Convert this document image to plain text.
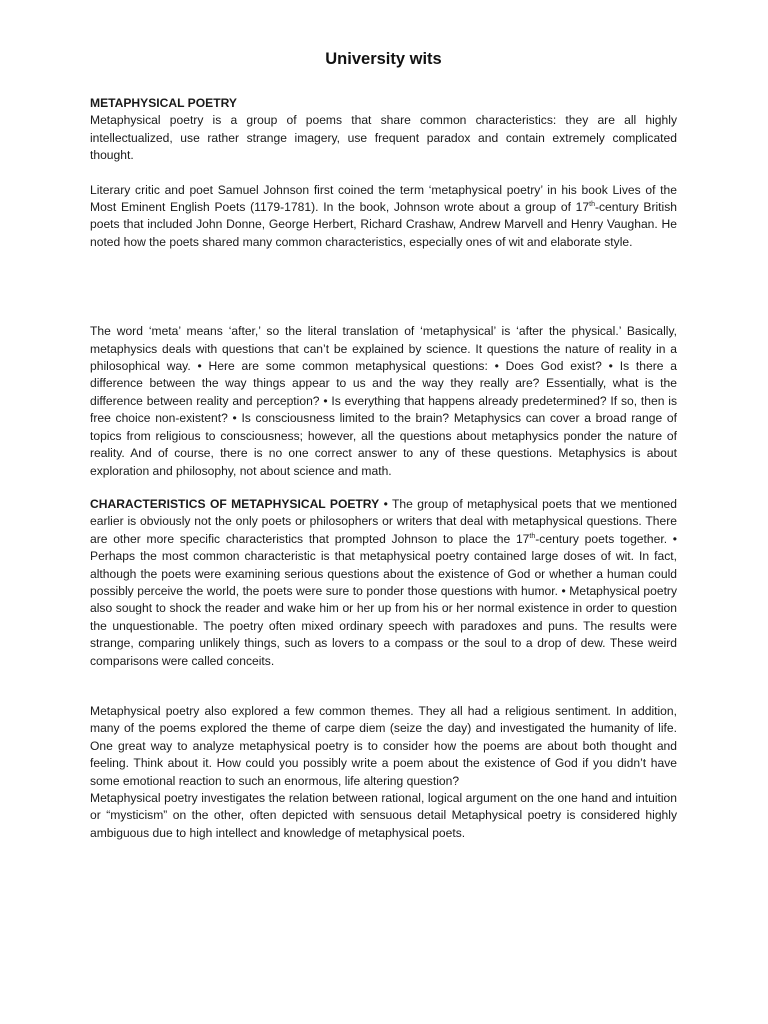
University wits
METAPHYSICAL POETRY

Metaphysical poetry is a group of poems that share common characteristics: they are all highly intellectualized, use rather strange imagery, use frequent paradox and contain extremely complicated thought.

Literary critic and poet Samuel Johnson first coined the term ‘metaphysical poetry’ in his book Lives of the Most Eminent English Poets (1179-1781). In the book, Johnson wrote about a group of 17th-century British poets that included John Donne, George Herbert, Richard Crashaw, Andrew Marvell and Henry Vaughan. He noted how the poets shared many common characteristics, especially ones of wit and elaborate style.

The word ‘meta’ means ‘after,’ so the literal translation of ‘metaphysical’ is ‘after the physical.’ Basically, metaphysics deals with questions that can’t be explained by science. It questions the nature of reality in a philosophical way. • Here are some common metaphysical questions: • Does God exist? • Is there a difference between the way things appear to us and the way they really are? Essentially, what is the difference between reality and perception? • Is everything that happens already predetermined? If so, then is free choice non-existent? • Is consciousness limited to the brain? Metaphysics can cover a broad range of topics from religious to consciousness; however, all the questions about metaphysics ponder the nature of reality. And of course, there is no one correct answer to any of these questions. Metaphysics is about exploration and philosophy, not about science and math.

CHARACTERISTICS OF METAPHYSICAL POETRY • The group of metaphysical poets that we mentioned earlier is obviously not the only poets or philosophers or writers that deal with metaphysical questions. There are other more specific characteristics that prompted Johnson to place the 17th-century poets together. • Perhaps the most common characteristic is that metaphysical poetry contained large doses of wit. In fact, although the poets were examining serious questions about the existence of God or whether a human could possibly perceive the world, the poets were sure to ponder those questions with humor. • Metaphysical poetry also sought to shock the reader and wake him or her up from his or her normal existence in order to question the unquestionable. The poetry often mixed ordinary speech with paradoxes and puns. The results were strange, comparing unlikely things, such as lovers to a compass or the soul to a drop of dew. These weird comparisons were called conceits.

Metaphysical poetry also explored a few common themes. They all had a religious sentiment. In addition, many of the poems explored the theme of carpe diem (seize the day) and investigated the humanity of life. One great way to analyze metaphysical poetry is to consider how the poems are about both thought and feeling. Think about it. How could you possibly write a poem about the existence of God if you didn’t have some emotional reaction to such an enormous, life altering question?

Metaphysical poetry investigates the relation between rational, logical argument on the one hand and intuition or “mysticism” on the other, often depicted with sensuous detail Metaphysical poetry is considered highly ambiguous due to high intellect and knowledge of metaphysical poets.
